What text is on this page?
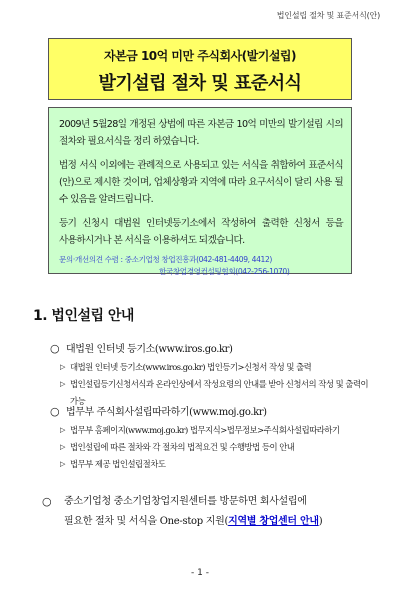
법인설립 절차 및 표준서식(안)
자본금 10억 미만 주식회사(발기설립)
발기설립 절차 및 표준서식

2009년 5월28일 개정된 상법에 따른 자본금 10억 미만의 발기설립 시의 절차와 필요서식을 정리 하였습니다.

법정 서식 이외에는 관례적으로 사용되고 있는 서식을 취합하여 표준서식(안)으로 제시한 것이며, 업체상황과 지역에 따라 요구서식이 달리 사용 될 수 있음을 알려드립니다.

등기 신청시 대법원 인터넷등기소에서 작성하여 출력한 신청서 등을 사용하시거나 본 서식을 이용하셔도 되겠습니다.

문의·개선의견 수렴 : 중소기업청 창업진흥과(042-481-4409, 4412)
한국창업경영컨설팅협회(042-256-1070)
1. 법인설립 안내
○ 대법원 인터넷 등기소(www.iros.go.kr)
▷ 대법원 인터넷 등기소(www.iros.go.kr) 법인등기>신청서 작성 및 출력
▷ 법인설립등기신청서식과 온라인상에서 작성요령의 안내를 받아 신청서의 작성 및 출력이 가능
○ 법무부 주식회사설립따라하기(www.moj.go.kr)
▷ 법무부 홈페이지(www.moj.go.kr) 법무지식>법무정보>주식회사설립따라하기
▷ 법인설립에 따른 절차와 각 절차의 법적요건 및 수행방법 등이 안내
▷ 법무부 제공 법인설립절차도
○	중소기업청 중소기업창업지원센터를 방문하면 회사설립에
필요한 절차 및 서식을 One-stop 지원(지역별 창업센터 안내)
- 1 -
